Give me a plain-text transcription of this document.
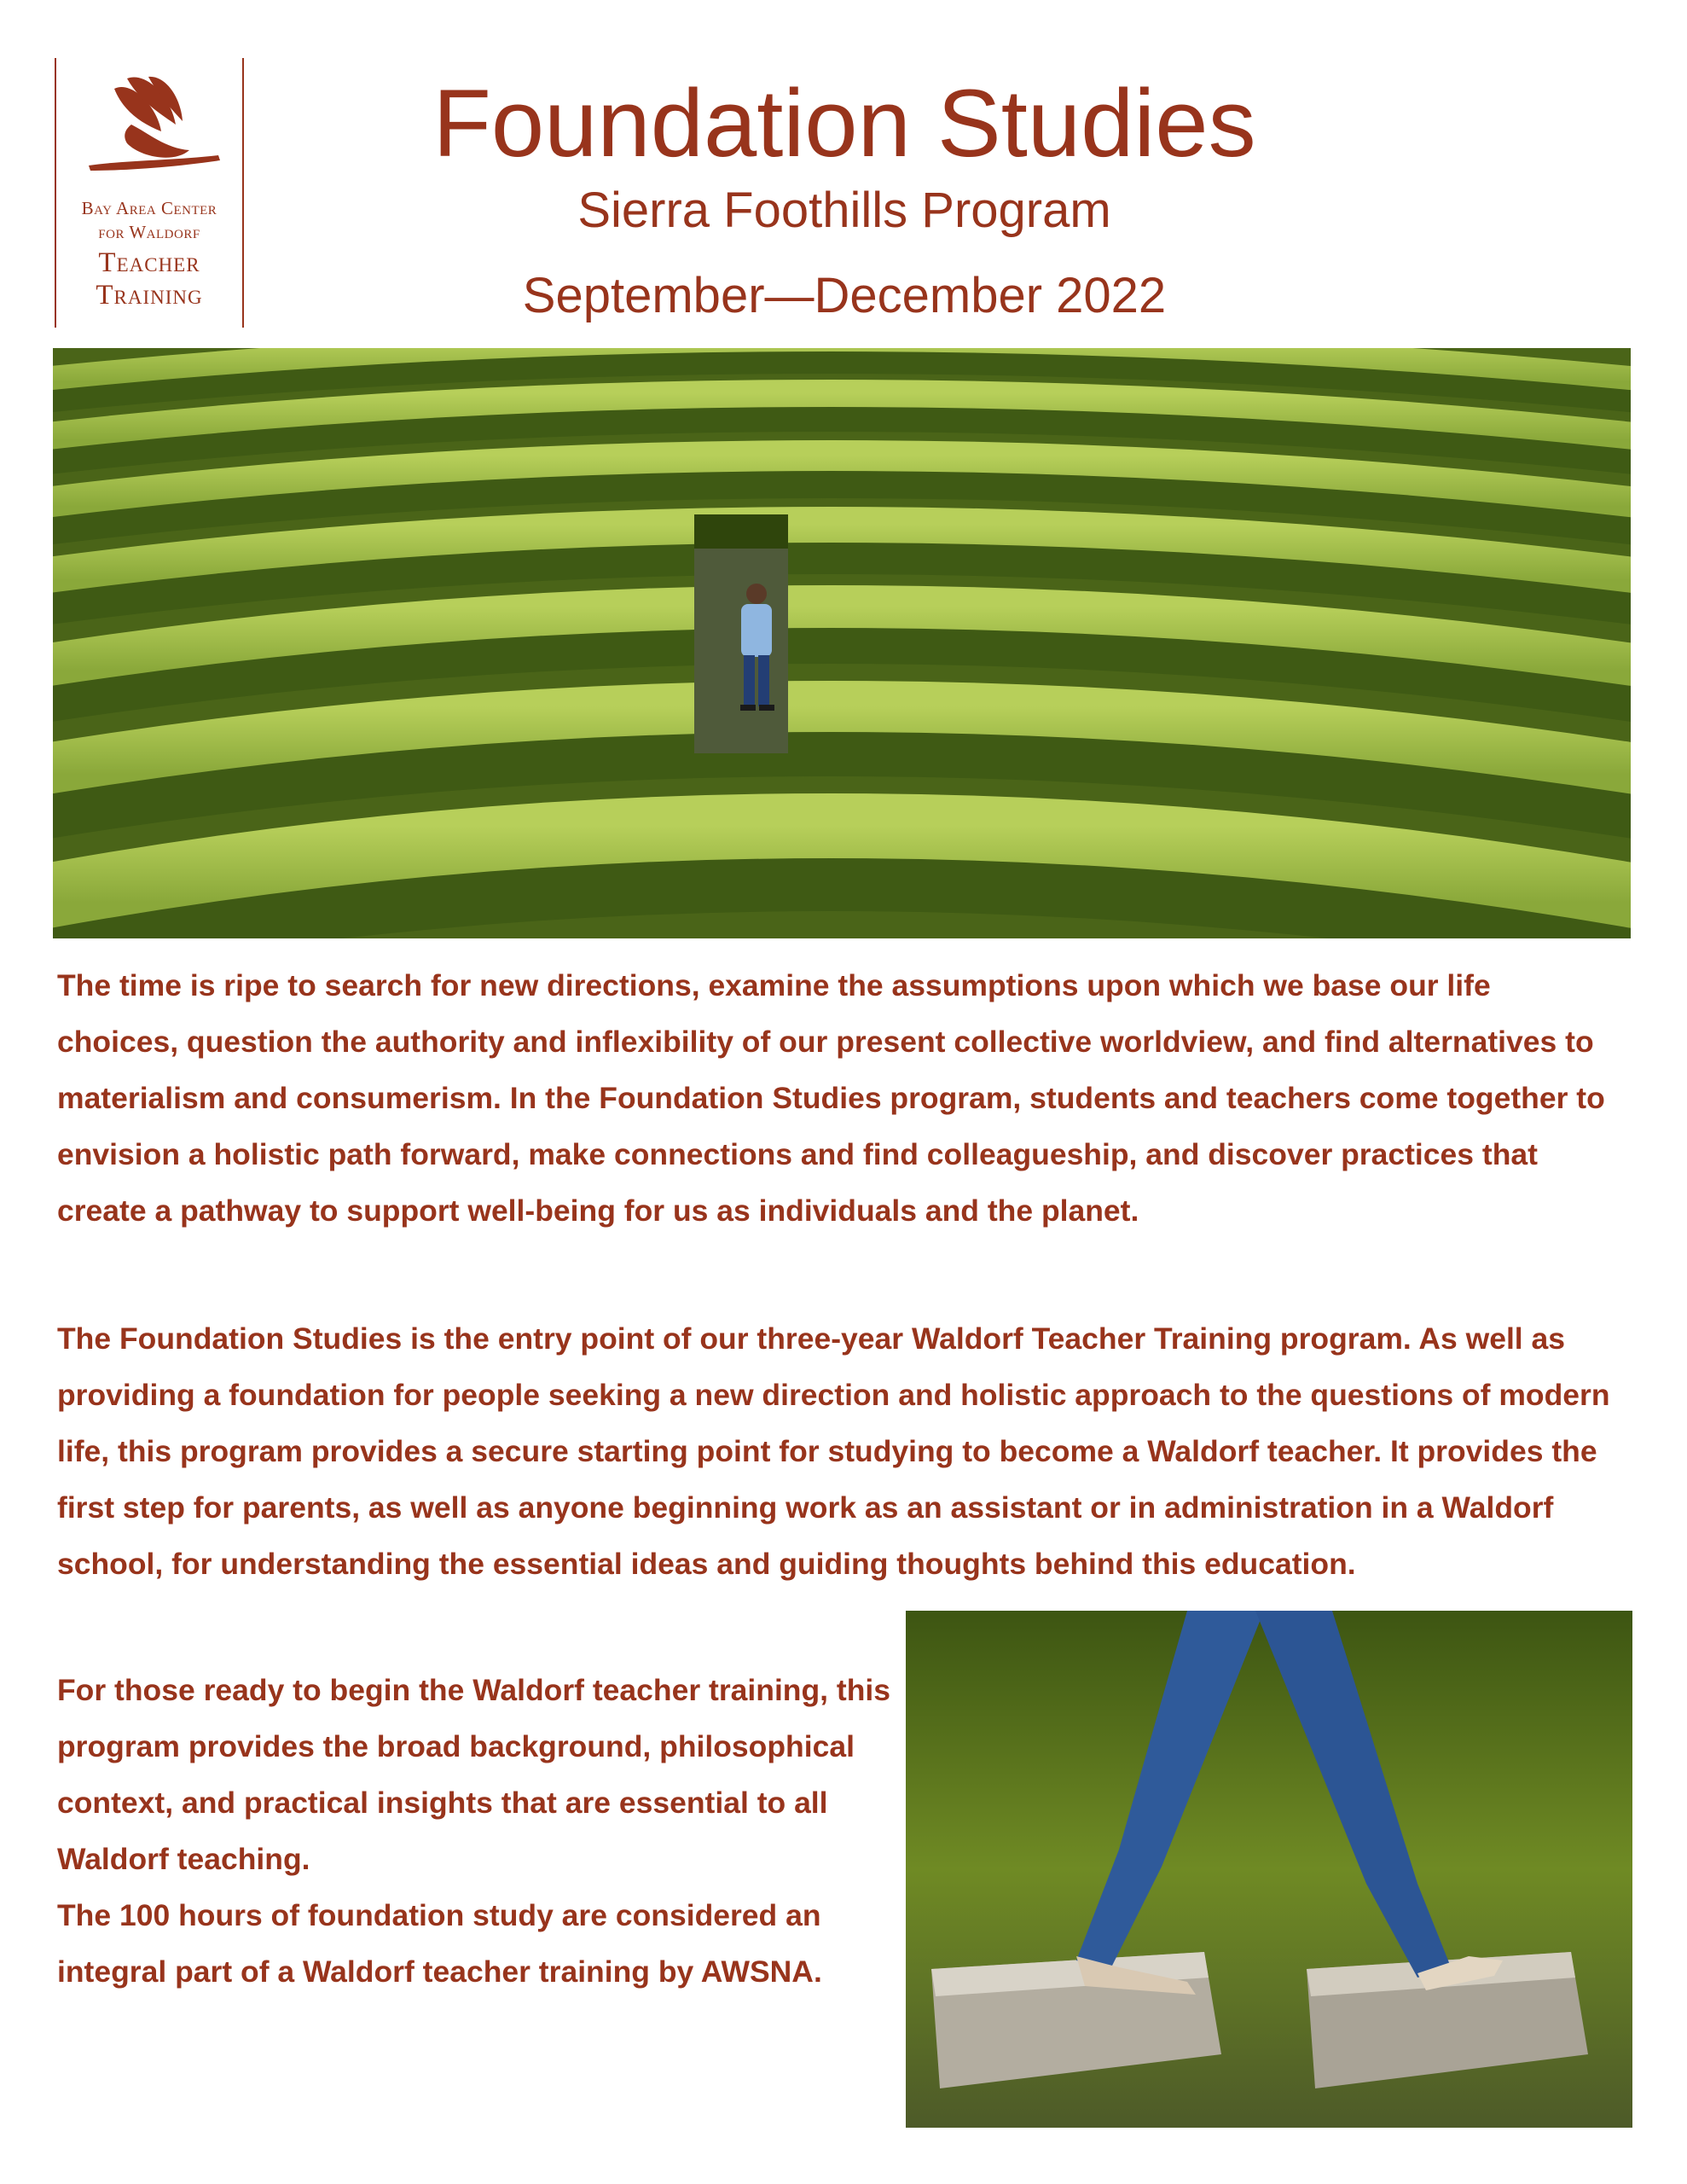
Bay Area Center
for Waldorf
Teacher
Training
Foundation Studies
Sierra Foothills Program
September—December 2022

The time is ripe to search for new directions, examine the assumptions upon which we base our life choices, question the authority and inflexibility of our present collective worldview, and find alternatives to materialism and consumerism. In the Foundation Studies program, students and teachers come together to envision a holistic path forward, make connections and find colleagueship, and discover practices that create a pathway to support well-being for us as individuals and the planet.

The Foundation Studies is the entry point of our three-year Waldorf Teacher Training program. As well as providing a foundation for people seeking a new direction and holistic approach to the questions of modern life, this program provides a secure starting point for studying to become a Waldorf teacher. It provides the first step for parents, as well as anyone beginning work as an assistant or in administration in a Waldorf school, for understanding the essential ideas and guiding thoughts behind this education.

For those ready to begin the Waldorf teacher training, this program provides the broad background, philosophical context, and practical insights that are essential to all Waldorf teaching.
The 100 hours of foundation study are considered an integral part of a Waldorf teacher training by AWSNA.
